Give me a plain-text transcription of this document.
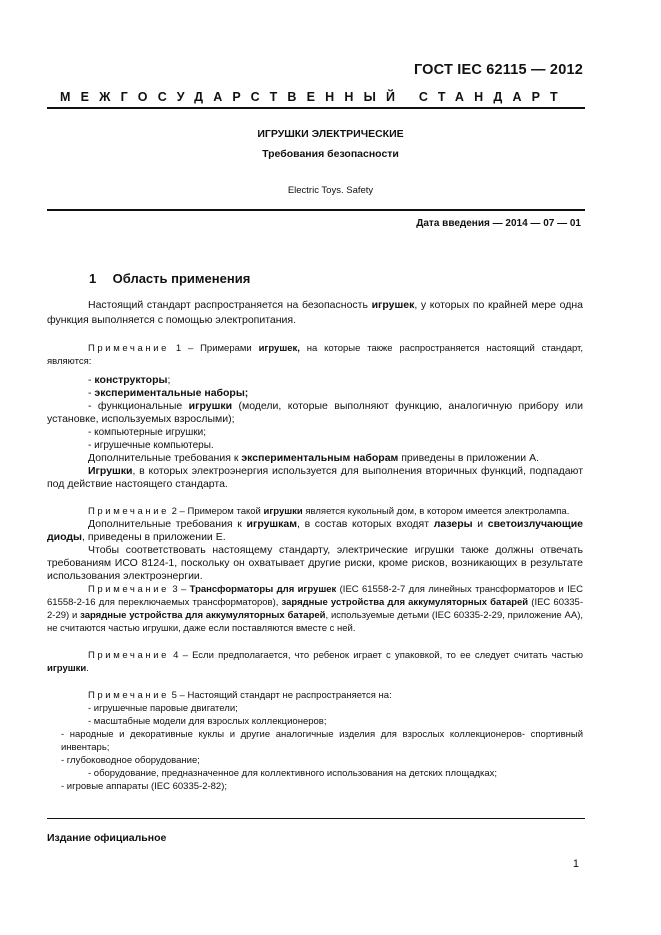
ГОСТ IEC 62115 — 2012
МЕЖГОСУДАРСТВЕННЫЙ СТАНДАРТ
ИГРУШКИ ЭЛЕКТРИЧЕСКИЕ
Требования безопасности
Electric Toys. Safety
Дата введения — 2014 — 07 — 01
1 Область применения

Настоящий стандарт распространяется на безопасность игрушек, у которых по крайней мере одна функция выполняется с помощью электропитания.

Примечание 1 – Примерами игрушек, на которые также распространяется настоящий стандарт, являются:

- конструкторы;

- экспериментальные наборы;

- функциональные игрушки (модели, которые выполняют функцию, аналогичную прибору или установке, используемых взрослыми);

- компьютерные игрушки;

- игрушечные компьютеры.

Дополнительные требования к экспериментальным наборам приведены в приложении А.

Игрушки, в которых электроэнергия используется для выполнения вторичных функций, подпадают под действие настоящего стандарта.

Примечание 2 – Примером такой игрушки является кукольный дом, в котором имеется электролампа.

Дополнительные требования к игрушкам, в состав которых входят лазеры и светоизлучающие диоды, приведены в приложении Е.

Чтобы соответствовать настоящему стандарту, электрические игрушки также должны отвечать требованиям ИСО 8124-1, поскольку он охватывает другие риски, кроме рисков, возникающих в результате использования электроэнергии.

Примечание 3 – Трансформаторы для игрушек (IEC 61558-2-7 для линейных трансформаторов и IEC 61558-2-16 для переключаемых трансформаторов), зарядные устройства для аккумуляторных батарей (IEC 60335-2-29) и зарядные устройства для аккумуляторных батарей, используемые детьми (IEC 60335-2-29, приложение АА), не считаются частью игрушки, даже если поставляются вместе с ней.

Примечание 4 – Если предполагается, что ребенок играет с упаковкой, то ее следует считать частью игрушки.

Примечание 5 – Настоящий стандарт не распространяется на:

- игрушечные паровые двигатели;

- масштабные модели для взрослых коллекционеров;

- народные и декоративные куклы и другие аналогичные изделия для взрослых коллекционеров- спортивный инвентарь;

- глубоководное оборудование;

- оборудование, предназначенное для коллективного использования на детских площадках;

- игровые аппараты (IEC 60335-2-82);

Издание официальное
1
